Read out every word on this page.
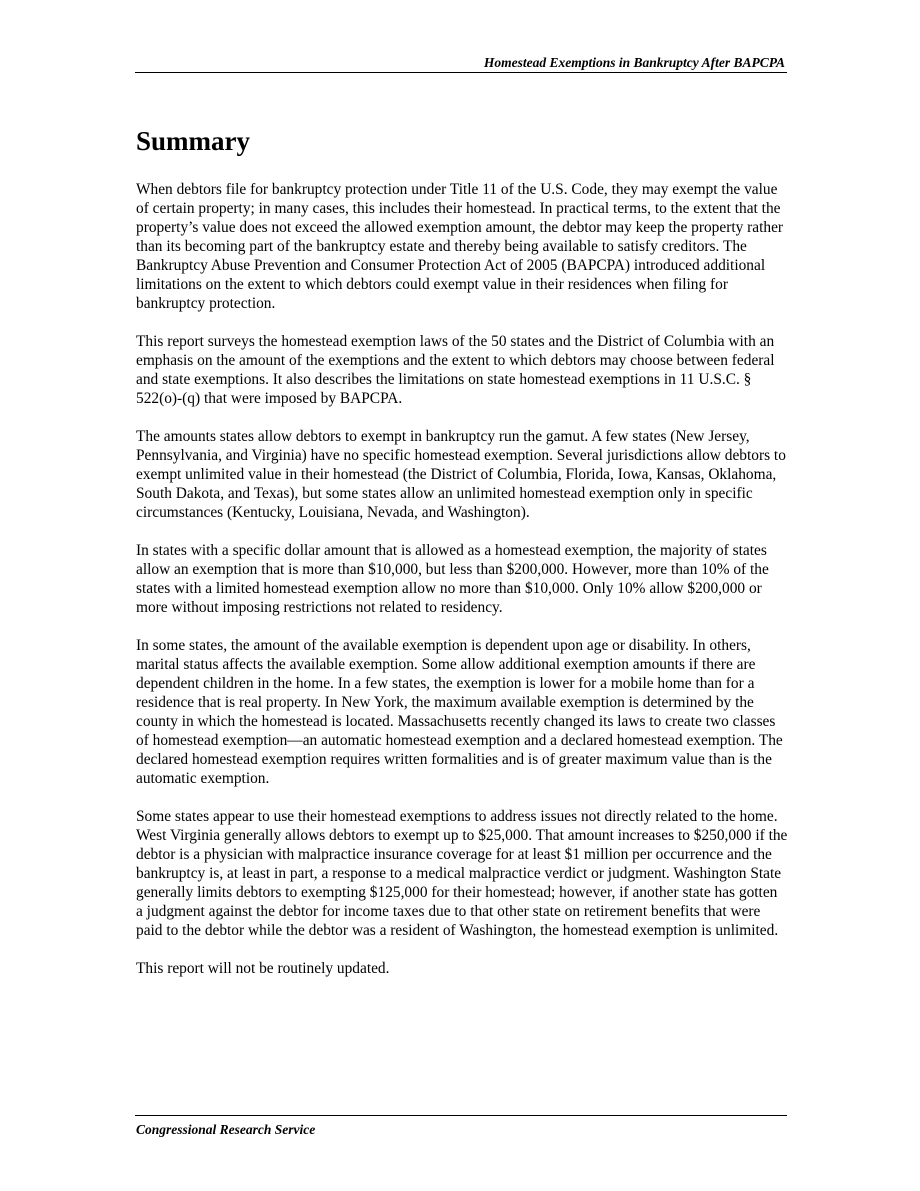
Homestead Exemptions in Bankruptcy After BAPCPA
Summary

When debtors file for bankruptcy protection under Title 11 of the U.S. Code, they may exempt the value of certain property; in many cases, this includes their homestead. In practical terms, to the extent that the property’s value does not exceed the allowed exemption amount, the debtor may keep the property rather than its becoming part of the bankruptcy estate and thereby being available to satisfy creditors. The Bankruptcy Abuse Prevention and Consumer Protection Act of 2005 (BAPCPA) introduced additional limitations on the extent to which debtors could exempt value in their residences when filing for bankruptcy protection.

This report surveys the homestead exemption laws of the 50 states and the District of Columbia with an emphasis on the amount of the exemptions and the extent to which debtors may choose between federal and state exemptions. It also describes the limitations on state homestead exemptions in 11 U.S.C. § 522(o)-(q) that were imposed by BAPCPA.

The amounts states allow debtors to exempt in bankruptcy run the gamut. A few states (New Jersey, Pennsylvania, and Virginia) have no specific homestead exemption. Several jurisdictions allow debtors to exempt unlimited value in their homestead (the District of Columbia, Florida, Iowa, Kansas, Oklahoma, South Dakota, and Texas), but some states allow an unlimited homestead exemption only in specific circumstances (Kentucky, Louisiana, Nevada, and Washington).

In states with a specific dollar amount that is allowed as a homestead exemption, the majority of states allow an exemption that is more than $10,000, but less than $200,000. However, more than 10% of the states with a limited homestead exemption allow no more than $10,000. Only 10% allow $200,000 or more without imposing restrictions not related to residency.

In some states, the amount of the available exemption is dependent upon age or disability. In others, marital status affects the available exemption. Some allow additional exemption amounts if there are dependent children in the home. In a few states, the exemption is lower for a mobile home than for a residence that is real property. In New York, the maximum available exemption is determined by the county in which the homestead is located. Massachusetts recently changed its laws to create two classes of homestead exemption—an automatic homestead exemption and a declared homestead exemption. The declared homestead exemption requires written formalities and is of greater maximum value than is the automatic exemption.

Some states appear to use their homestead exemptions to address issues not directly related to the home. West Virginia generally allows debtors to exempt up to $25,000. That amount increases to $250,000 if the debtor is a physician with malpractice insurance coverage for at least $1 million per occurrence and the bankruptcy is, at least in part, a response to a medical malpractice verdict or judgment. Washington State generally limits debtors to exempting $125,000 for their homestead; however, if another state has gotten a judgment against the debtor for income taxes due to that other state on retirement benefits that were paid to the debtor while the debtor was a resident of Washington, the homestead exemption is unlimited.

This report will not be routinely updated.

Congressional Research Service
